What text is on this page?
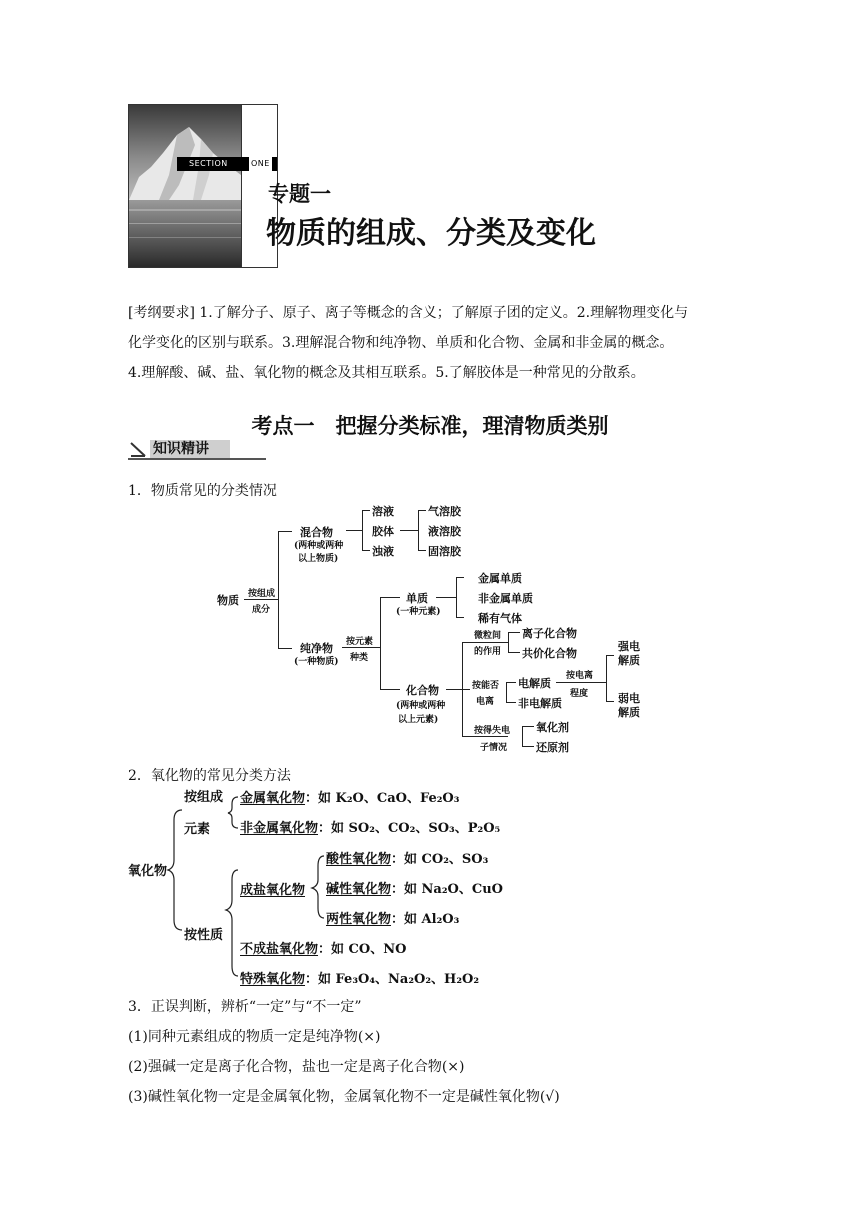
SECTION	ONE
专题一
物质的组成、分类及变化
[考纲要求] 1.了解分子、原子、离子等概念的含义；了解原子团的定义。2.理解物理变化与
化学变化的区别与联系。3.理解混合物和纯净物、单质和化合物、金属和非金属的概念。
4.理解酸、碱、盐、氧化物的概念及其相互联系。5.了解胶体是一种常见的分散系。
考点一　把握分类标准，理清物质类别
知识精讲
1．物质常见的分类情况
物质 按组成
成分
混合物
(两种或两种
以上物质)
溶液
胶体
浊液
气溶胶
液溶胶
固溶胶
纯净物
(一种物质)
按元素
种类
单质
(一种元素)
金属单质
非金属单质
稀有气体
化合物
(两种或两种
以上元素)
微粒间
的作用
离子化合物
共价化合物
按能否
电离
电解质
非电解质
按电离
程度
强电
解质
弱电
解质
按得失电
子情况
氧化剂
还原剂
2．氧化物的常见分类方法
氧化物
按组成
元素
按性质
金属氧化物：如 K₂O、CaO、Fe₂O₃
非金属氧化物：如 SO₂、CO₂、SO₃、P₂O₅
成盐氧化物
酸性氧化物：如 CO₂、SO₃
碱性氧化物：如 Na₂O、CuO
两性氧化物：如 Al₂O₃
不成盐氧化物：如 CO、NO
特殊氧化物：如 Fe₃O₄、Na₂O₂、H₂O₂
3．正误判断，辨析“一定”与“不一定”
(1)同种元素组成的物质一定是纯净物(×)
(2)强碱一定是离子化合物，盐也一定是离子化合物(×)
(3)碱性氧化物一定是金属氧化物，金属氧化物不一定是碱性氧化物(√)
